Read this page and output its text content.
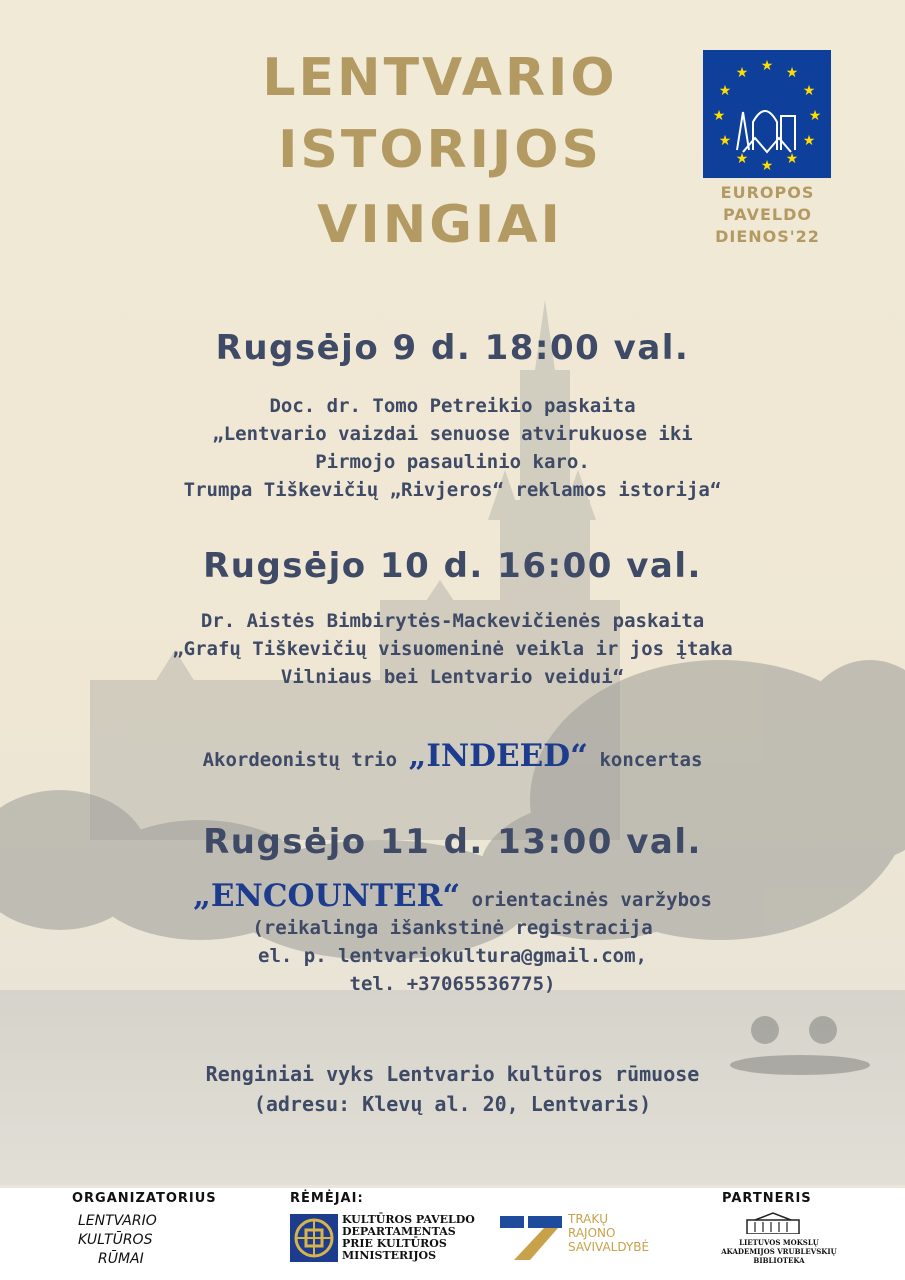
LENTVARIO
ISTORIJOS
VINGIAI
★ ★
★
★
★
★
★
★
★
★
★
★
EUROPOS
PAVELDO
DIENOS'22
Rugsėjo 9 d. 18:00 val.
Doc. dr. Tomo Petreikio paskaita
„Lentvario vaizdai senuose atvirukuose iki
Pirmojo pasaulinio karo.
Trumpa Tiškevičių „Rivjeros“ reklamos istorija“
Rugsėjo 10 d. 16:00 val.
Dr. Aistės Bimbirytės-Mackevičienės paskaita
„Grafų Tiškevičių visuomeninė veikla ir jos įtaka
Vilniaus bei Lentvario veidui“
Akordeonistų trio „INDEED“ koncertas
Rugsėjo 11 d. 13:00 val.
„ENCOUNTER“ orientacinės varžybos
(reikalinga išankstinė registracija
el. p. lentvariokultura@gmail.com,
tel. +37065536775)
Renginiai vyks Lentvario kultūros rūmuose
(adresu: Klevų al. 20, Lentvaris)
ORGANIZATORIUS
LENTVARIO
KULTŪROS
RŪMAI
RĖMĖJAI:
KULTŪROS PAVELDO
DEPARTAMENTAS
PRIE KULTŪROS
MINISTERIJOS
TRAKŲ
RAJONO
SAVIVALDYBĖ
PARTNERIS
LIETUVOS MOKSLŲ
AKADEMIJOS VRUBLEVSKIŲ
BIBLIOTEKA
